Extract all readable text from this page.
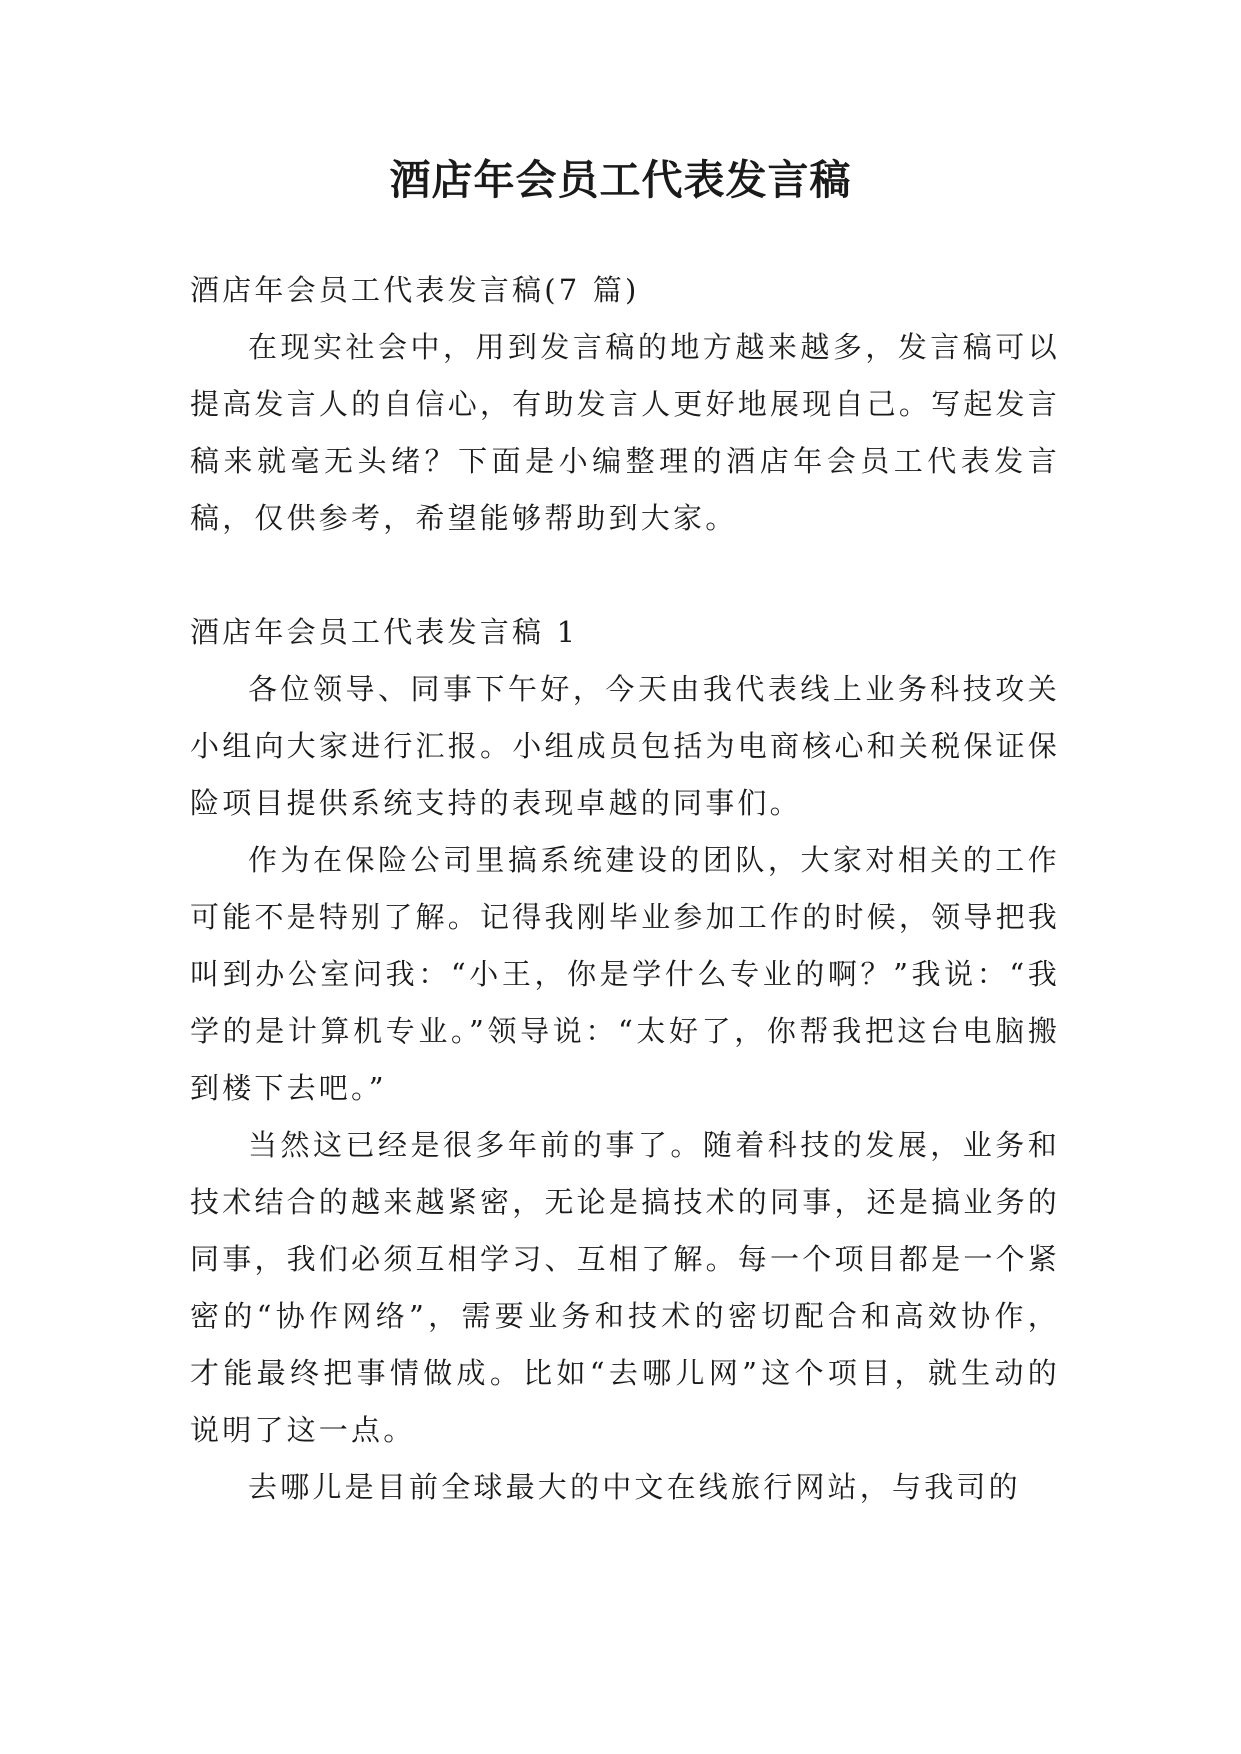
酒店年会员工代表发言稿

酒店年会员工代表发言稿(7 篇)

在现实社会中，用到发言稿的地方越来越多，发言稿可以提高发言人的自信心，有助发言人更好地展现自己。写起发言稿来就毫无头绪？下面是小编整理的酒店年会员工代表发言稿，仅供参考，希望能够帮助到大家。

酒店年会员工代表发言稿 1

各位领导、同事下午好，今天由我代表线上业务科技攻关小组向大家进行汇报。小组成员包括为电商核心和关税保证保险项目提供系统支持的表现卓越的同事们。

作为在保险公司里搞系统建设的团队，大家对相关的工作可能不是特别了解。记得我刚毕业参加工作的时候，领导把我叫到办公室问我：“小王，你是学什么专业的啊？”我说：“我学的是计算机专业。”领导说：“太好了，你帮我把这台电脑搬到楼下去吧。”

当然这已经是很多年前的事了。随着科技的发展，业务和技术结合的越来越紧密，无论是搞技术的同事，还是搞业务的同事，我们必须互相学习、互相了解。每一个项目都是一个紧密的“协作网络”，需要业务和技术的密切配合和高效协作，才能最终把事情做成。比如“去哪儿网”这个项目，就生动的说明了这一点。

去哪儿是目前全球最大的中文在线旅行网站，与我司的
